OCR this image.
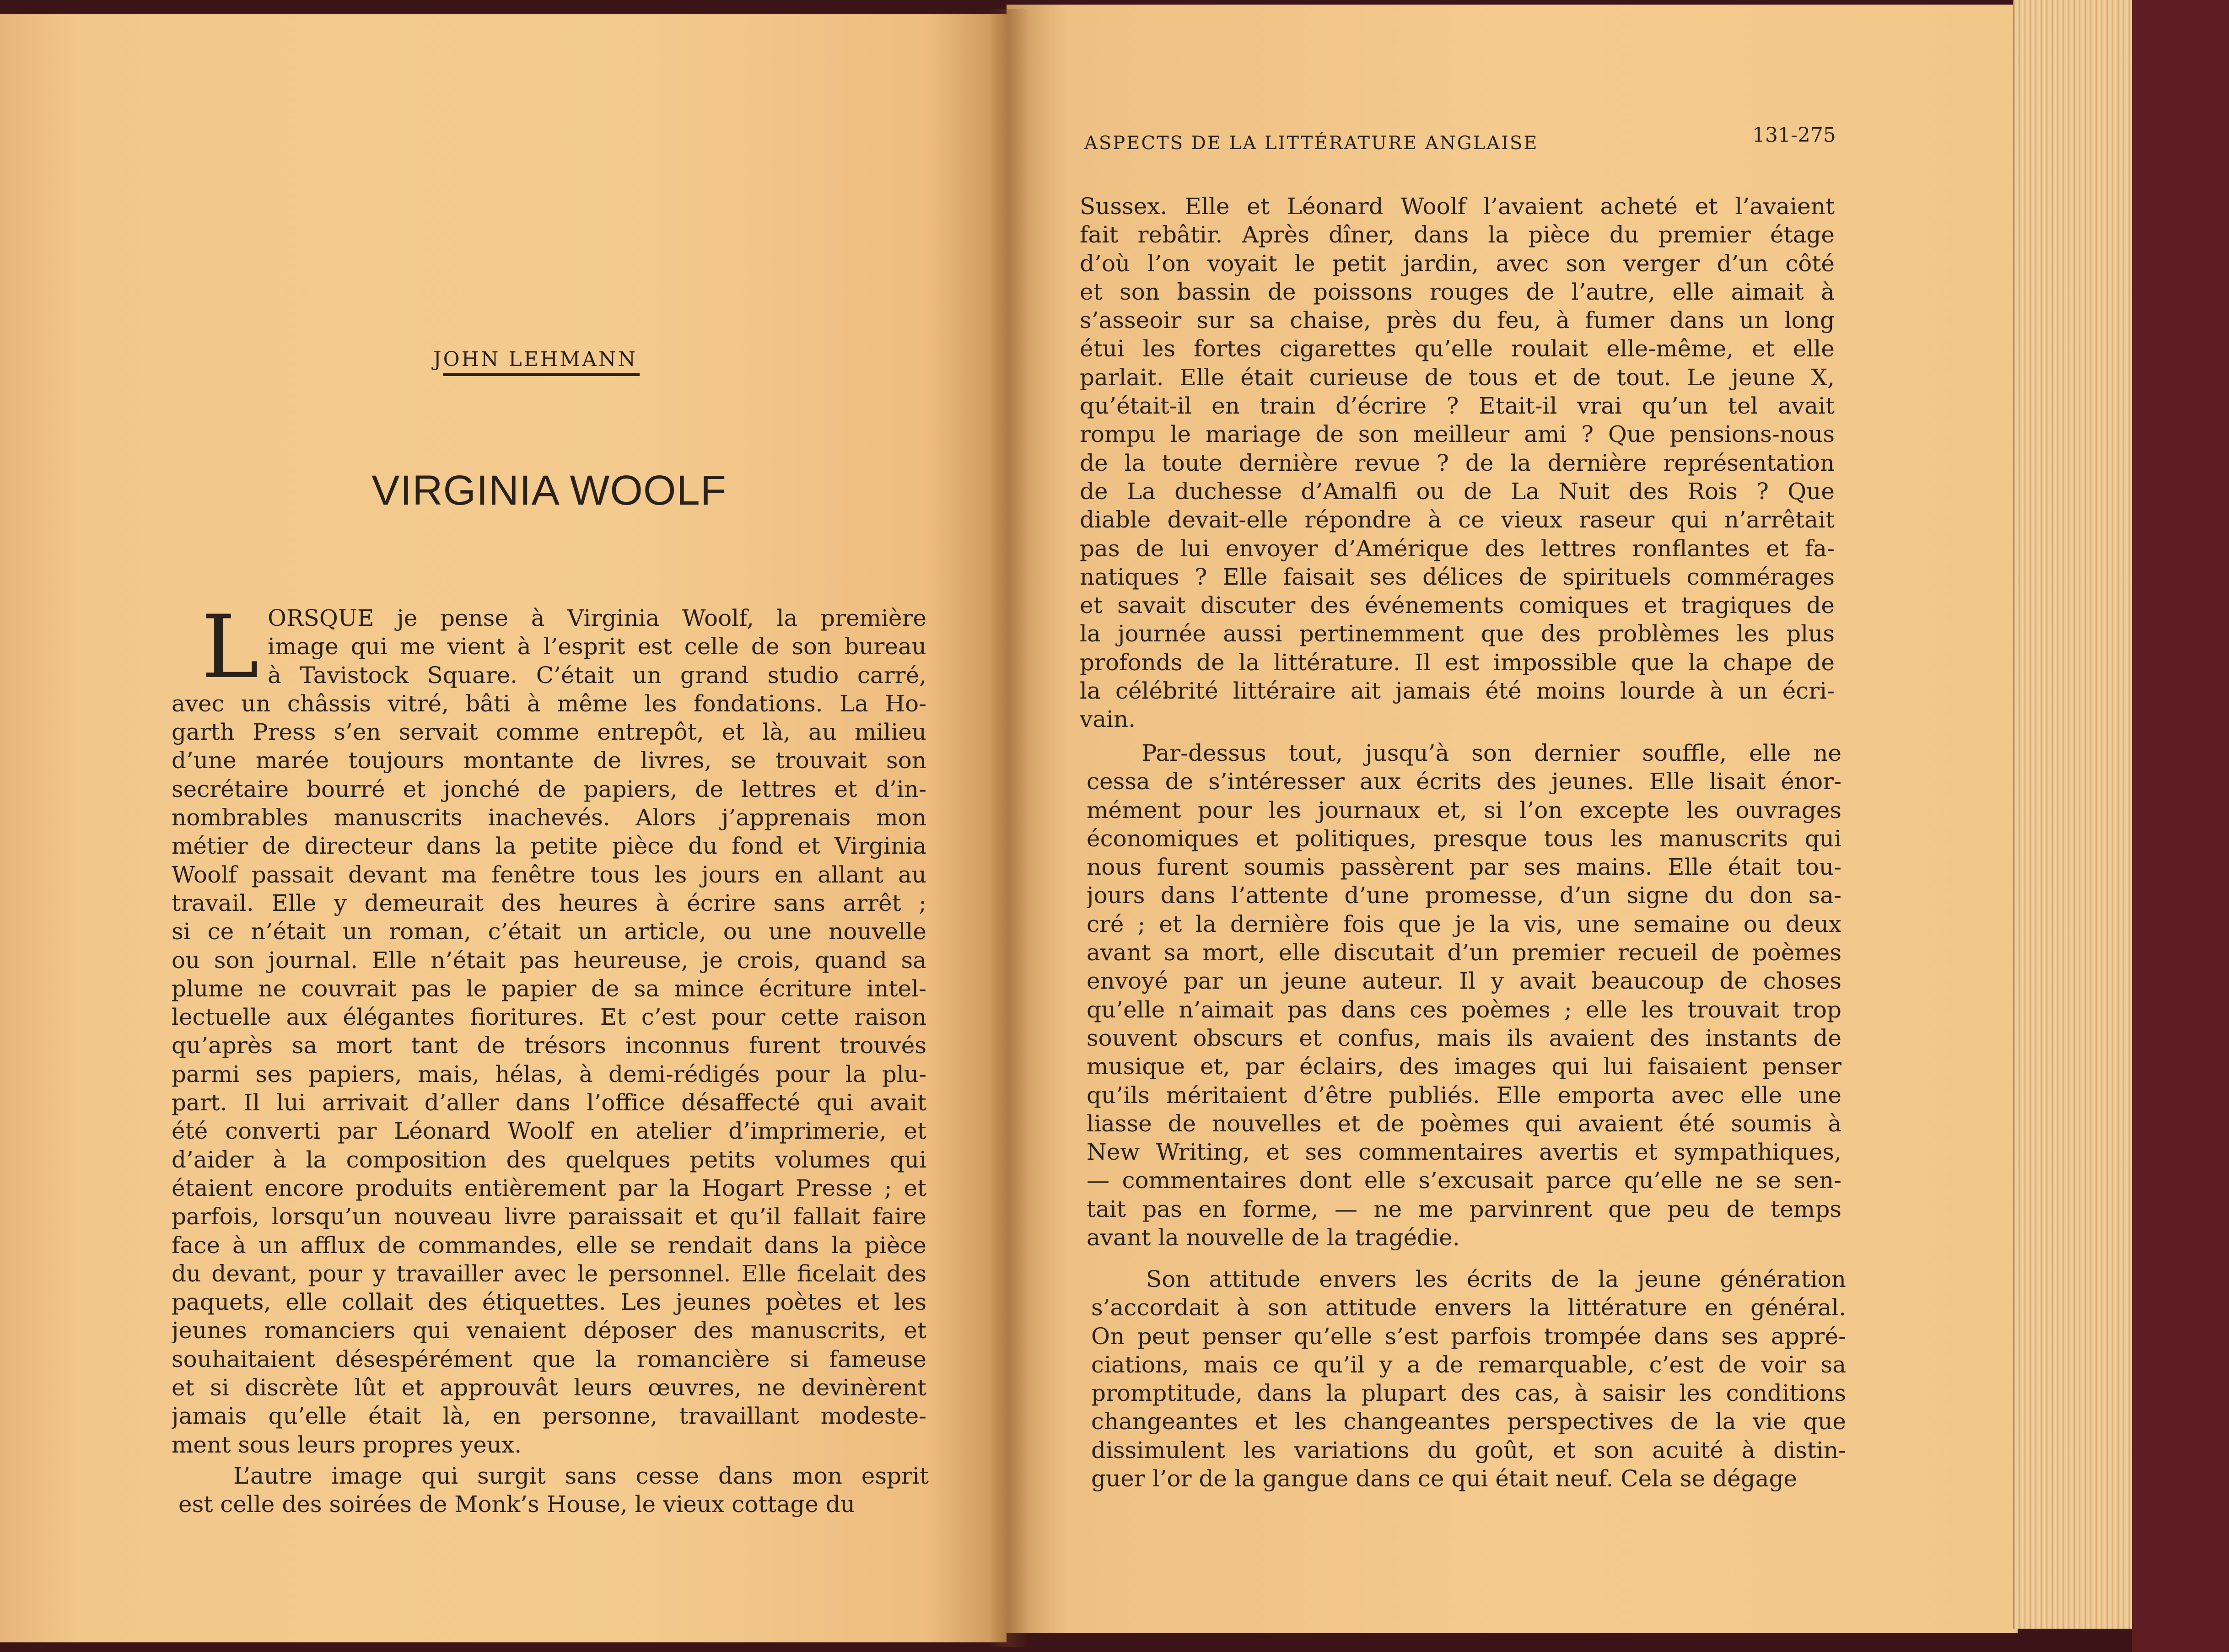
JOHN LEHMANN
VIRGINIA WOOLF
L ORSQUE je pense à Virginia Woolf, la première
image qui me vient à l’esprit est celle de son bureau
à Tavistock Square. C’était un grand studio carré,
avec un châssis vitré, bâti à même les fondations. La Ho-
garth Press s’en servait comme entrepôt, et là, au milieu
d’une marée toujours montante de livres, se trouvait son
secrétaire bourré et jonché de papiers, de lettres et d’in-
nombrables manuscrits inachevés. Alors j’apprenais mon
métier de directeur dans la petite pièce du fond et Virginia
Woolf passait devant ma fenêtre tous les jours en allant au
travail. Elle y demeurait des heures à écrire sans arrêt ;
si ce n’était un roman, c’était un article, ou une nouvelle
ou son journal. Elle n’était pas heureuse, je crois, quand sa
plume ne couvrait pas le papier de sa mince écriture intel-
lectuelle aux élégantes fioritures. Et c’est pour cette raison
qu’après sa mort tant de trésors inconnus furent trouvés
parmi ses papiers, mais, hélas, à demi-rédigés pour la plu-
part. Il lui arrivait d’aller dans l’office désaffecté qui avait
été converti par Léonard Woolf en atelier d’imprimerie, et
d’aider à la composition des quelques petits volumes qui
étaient encore produits entièrement par la Hogart Presse ; et
parfois, lorsqu’un nouveau livre paraissait et qu’il fallait faire
face à un afflux de commandes, elle se rendait dans la pièce
du devant, pour y travailler avec le personnel. Elle ficelait des
paquets, elle collait des étiquettes. Les jeunes poètes et les
jeunes romanciers qui venaient déposer des manuscrits, et
souhaitaient désespérément que la romancière si fameuse
et si discrète lût et approuvât leurs œuvres, ne devinèrent
jamais qu’elle était là, en personne, travaillant modeste-
ment sous leurs propres yeux.
L’autre image qui surgit sans cesse dans mon esprit
est celle des soirées de Monk’s House, le vieux cottage du
ASPECTS DE LA LITTÉRATURE ANGLAISE	131-275
Sussex. Elle et Léonard Woolf l’avaient acheté et l’avaient
fait rebâtir. Après dîner, dans la pièce du premier étage
d’où l’on voyait le petit jardin, avec son verger d’un côté
et son bassin de poissons rouges de l’autre, elle aimait à
s’asseoir sur sa chaise, près du feu, à fumer dans un long
étui les fortes cigarettes qu’elle roulait elle-même, et elle
parlait. Elle était curieuse de tous et de tout. Le jeune X,
qu’était-il en train d’écrire ? Etait-il vrai qu’un tel avait
rompu le mariage de son meilleur ami ? Que pensions-nous
de la toute dernière revue ? de la dernière représentation
de La duchesse d’Amalfi ou de La Nuit des Rois ? Que
diable devait-elle répondre à ce vieux raseur qui n’arrêtait
pas de lui envoyer d’Amérique des lettres ronflantes et fa-
natiques ? Elle faisait ses délices de spirituels commérages
et savait discuter des événements comiques et tragiques de
la journée aussi pertinemment que des problèmes les plus
profonds de la littérature. Il est impossible que la chape de
la célébrité littéraire ait jamais été moins lourde à un écri-
vain.
Par-dessus tout, jusqu’à son dernier souffle, elle ne
cessa de s’intéresser aux écrits des jeunes. Elle lisait énor-
mément pour les journaux et, si l’on excepte les ouvrages
économiques et politiques, presque tous les manuscrits qui
nous furent soumis passèrent par ses mains. Elle était tou-
jours dans l’attente d’une promesse, d’un signe du don sa-
cré ; et la dernière fois que je la vis, une semaine ou deux
avant sa mort, elle discutait d’un premier recueil de poèmes
envoyé par un jeune auteur. Il y avait beaucoup de choses
qu’elle n’aimait pas dans ces poèmes ; elle les trouvait trop
souvent obscurs et confus, mais ils avaient des instants de
musique et, par éclairs, des images qui lui faisaient penser
qu’ils méritaient d’être publiés. Elle emporta avec elle une
liasse de nouvelles et de poèmes qui avaient été soumis à
New Writing, et ses commentaires avertis et sympathiques,
— commentaires dont elle s’excusait parce qu’elle ne se sen-
tait pas en forme, — ne me parvinrent que peu de temps
avant la nouvelle de la tragédie.
Son attitude envers les écrits de la jeune génération
s’accordait à son attitude envers la littérature en général.
On peut penser qu’elle s’est parfois trompée dans ses appré-
ciations, mais ce qu’il y a de remarquable, c’est de voir sa
promptitude, dans la plupart des cas, à saisir les conditions
changeantes et les changeantes perspectives de la vie que
dissimulent les variations du goût, et son acuité à distin-
guer l’or de la gangue dans ce qui était neuf. Cela se dégage
